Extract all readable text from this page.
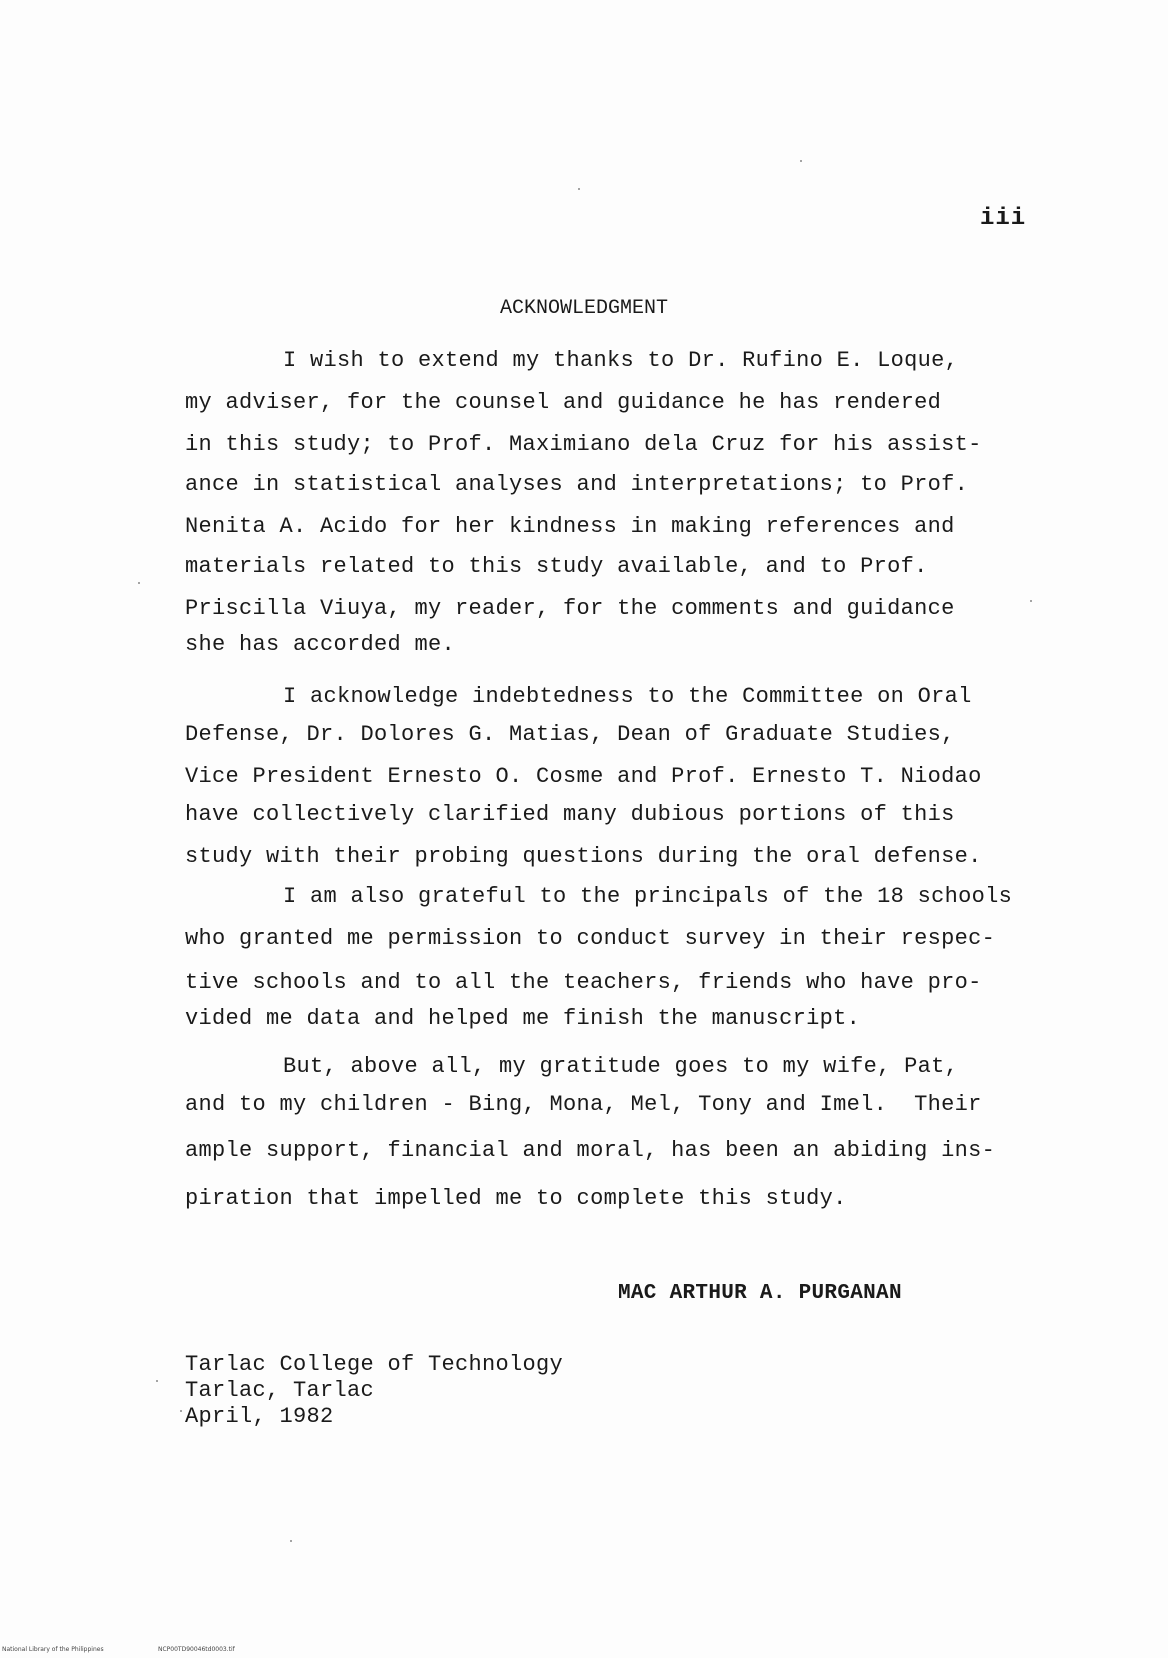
iii
ACKNOWLEDGMENT
I wish to extend my thanks to Dr. Rufino E. Loque,
my adviser, for the counsel and guidance he has rendered
in this study; to Prof. Maximiano dela Cruz for his assist-
ance in statistical analyses and interpretations; to Prof.
Nenita A. Acido for her kindness in making references and
materials related to this study available, and to Prof.
Priscilla Viuya, my reader, for the comments and guidance
she has accorded me.
I acknowledge indebtedness to the Committee on Oral
Defense, Dr. Dolores G. Matias, Dean of Graduate Studies,
Vice President Ernesto O. Cosme and Prof. Ernesto T. Niodao
have collectively clarified many dubious portions of this
study with their probing questions during the oral defense.
I am also grateful to the principals of the 18 schools
who granted me permission to conduct survey in their respec-
tive schools and to all the teachers, friends who have pro-
vided me data and helped me finish the manuscript.
But, above all, my gratitude goes to my wife, Pat,
and to my children - Bing, Mona, Mel, Tony and Imel.  Their
ample support, financial and moral, has been an abiding ins-
piration that impelled me to complete this study.
MAC ARTHUR A. PURGANAN
Tarlac College of Technology
Tarlac, Tarlac
April, 1982
National Library of the Philippines	NCP00TD90046td0003.tif
